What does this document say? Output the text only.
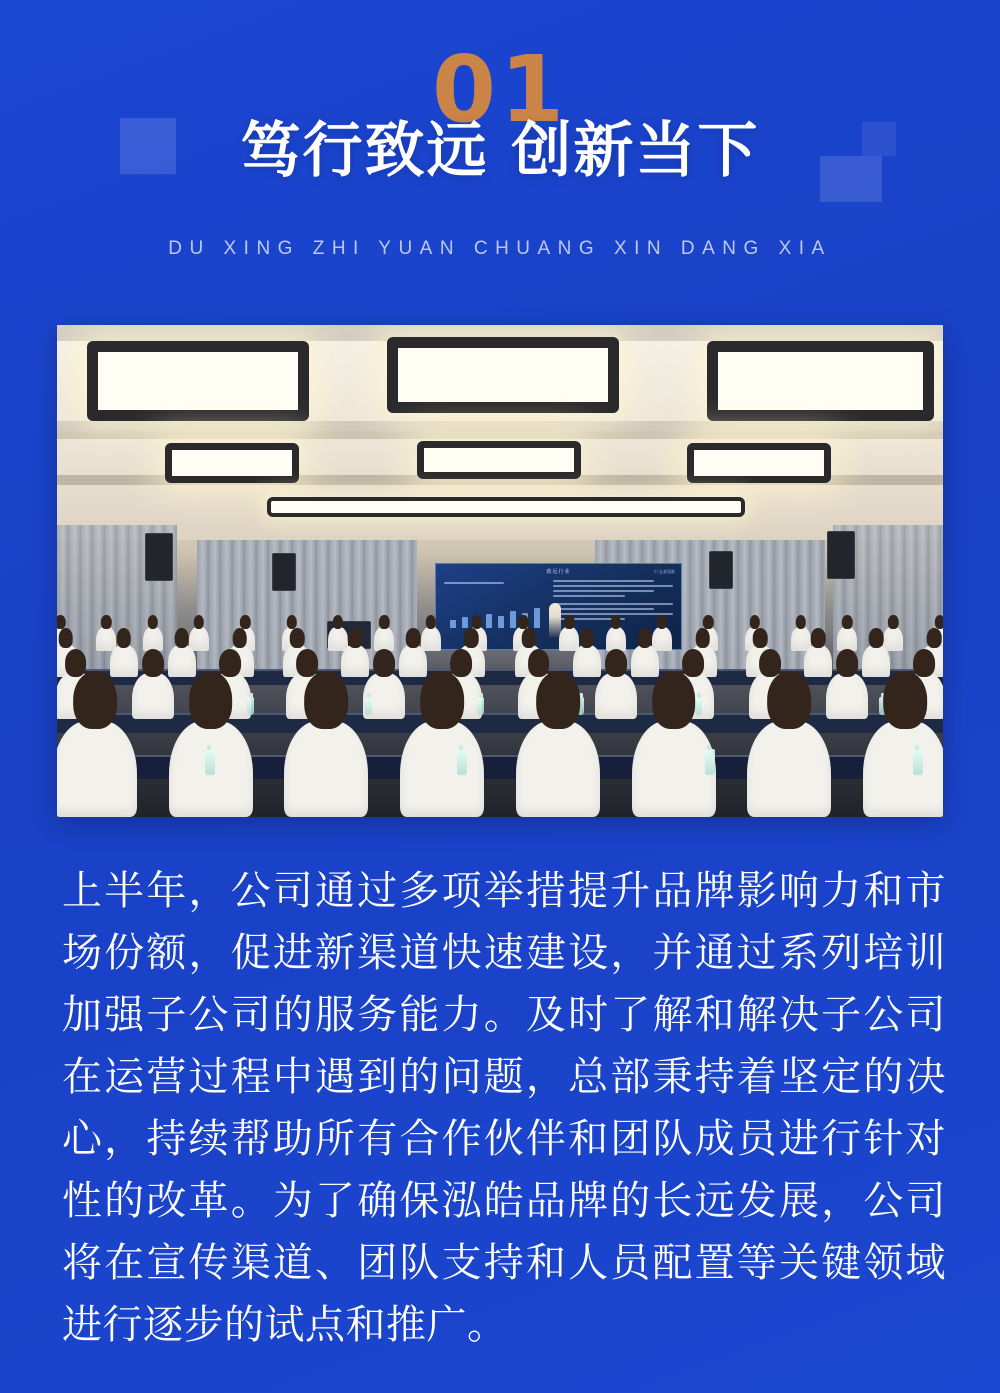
01
笃行致远 创新当下
DU XING ZHI YUAN CHUANG XIN DANG XIA
致远行业	川 弘泰泓皓
上半年，公司通过多项举措提升品牌影响力和市场份额，促进新渠道快速建设，并通过系列培训加强子公司的服务能力。及时了解和解决子公司在运营过程中遇到的问题，总部秉持着坚定的决心，持续帮助所有合作伙伴和团队成员进行针对性的改革。为了确保泓皓品牌的长远发展，公司将在宣传渠道、团队支持和人员配置等关键领域进行逐步的试点和推广。
